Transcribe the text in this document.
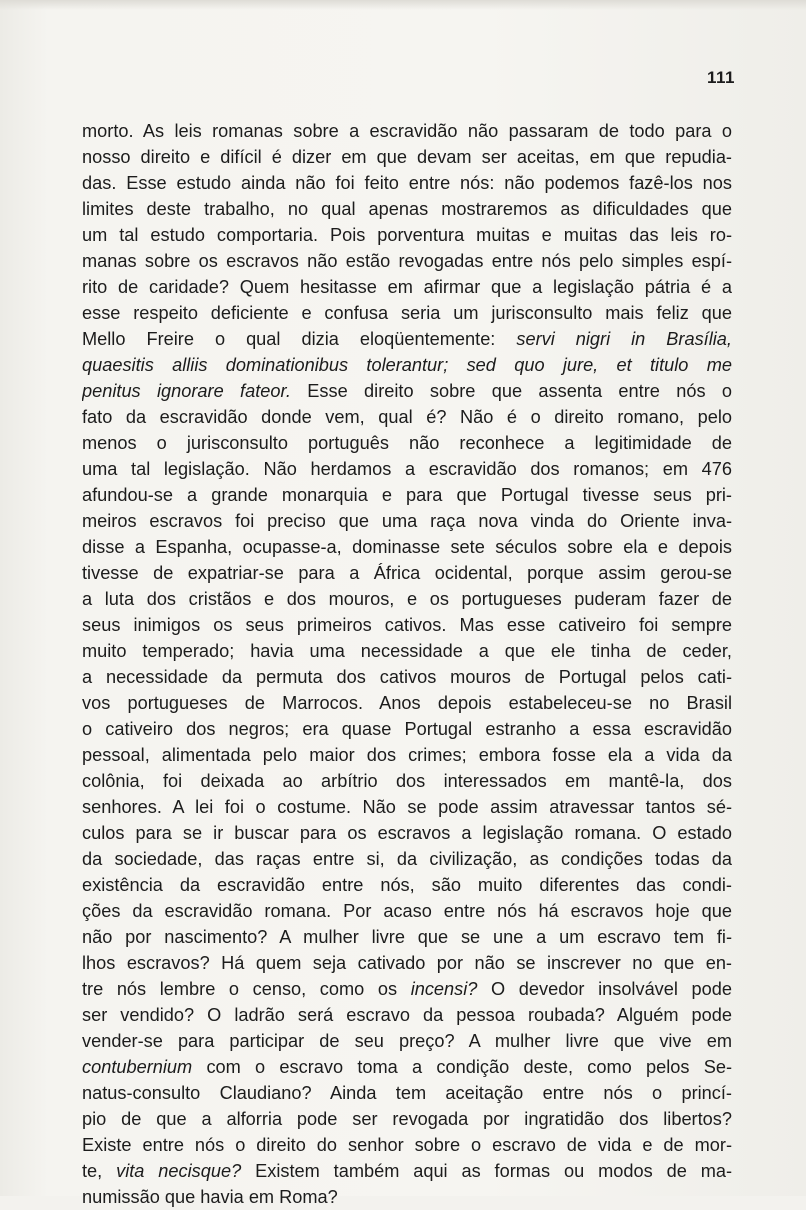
111
morto. As leis romanas sobre a escravidão não passaram de todo para o
nosso direito e difícil é dizer em que devam ser aceitas, em que repudia-
das. Esse estudo ainda não foi feito entre nós: não podemos fazê-los nos
limites deste trabalho, no qual apenas mostraremos as dificuldades que
um tal estudo comportaria. Pois porventura muitas e muitas das leis ro-
manas sobre os escravos não estão revogadas entre nós pelo simples espí-
rito de caridade? Quem hesitasse em afirmar que a legislação pátria é a
esse respeito deficiente e confusa seria um jurisconsulto mais feliz que
Mello Freire o qual dizia eloqüentemente: servi nigri in Brasília,
quaesitis alliis dominationibus tolerantur; sed quo jure, et titulo me
penitus ignorare fateor. Esse direito sobre que assenta entre nós o
fato da escravidão donde vem, qual é? Não é o direito romano, pelo
menos o jurisconsulto português não reconhece a legitimidade de
uma tal legislação. Não herdamos a escravidão dos romanos; em 476
afundou-se a grande monarquia e para que Portugal tivesse seus pri-
meiros escravos foi preciso que uma raça nova vinda do Oriente inva-
disse a Espanha, ocupasse-a, dominasse sete séculos sobre ela e depois
tivesse de expatriar-se para a África ocidental, porque assim gerou-se
a luta dos cristãos e dos mouros, e os portugueses puderam fazer de
seus inimigos os seus primeiros cativos. Mas esse cativeiro foi sempre
muito temperado; havia uma necessidade a que ele tinha de ceder,
a necessidade da permuta dos cativos mouros de Portugal pelos cati-
vos portugueses de Marrocos. Anos depois estabeleceu-se no Brasil
o cativeiro dos negros; era quase Portugal estranho a essa escravidão
pessoal, alimentada pelo maior dos crimes; embora fosse ela a vida da
colônia, foi deixada ao arbítrio dos interessados em mantê-la, dos
senhores. A lei foi o costume. Não se pode assim atravessar tantos sé-
culos para se ir buscar para os escravos a legislação romana. O estado
da sociedade, das raças entre si, da civilização, as condições todas da
existência da escravidão entre nós, são muito diferentes das condi-
ções da escravidão romana. Por acaso entre nós há escravos hoje que
não por nascimento? A mulher livre que se une a um escravo tem fi-
lhos escravos? Há quem seja cativado por não se inscrever no que en-
tre nós lembre o censo, como os incensi? O devedor insolvável pode
ser vendido? O ladrão será escravo da pessoa roubada? Alguém pode
vender-se para participar de seu preço? A mulher livre que vive em
contubernium com o escravo toma a condição deste, como pelos Se-
natus-consulto Claudiano? Ainda tem aceitação entre nós o princí-
pio de que a alforria pode ser revogada por ingratidão dos libertos?
Existe entre nós o direito do senhor sobre o escravo de vida e de mor-
te, vita necisque? Existem também aqui as formas ou modos de ma-
numissão que havia em Roma?
